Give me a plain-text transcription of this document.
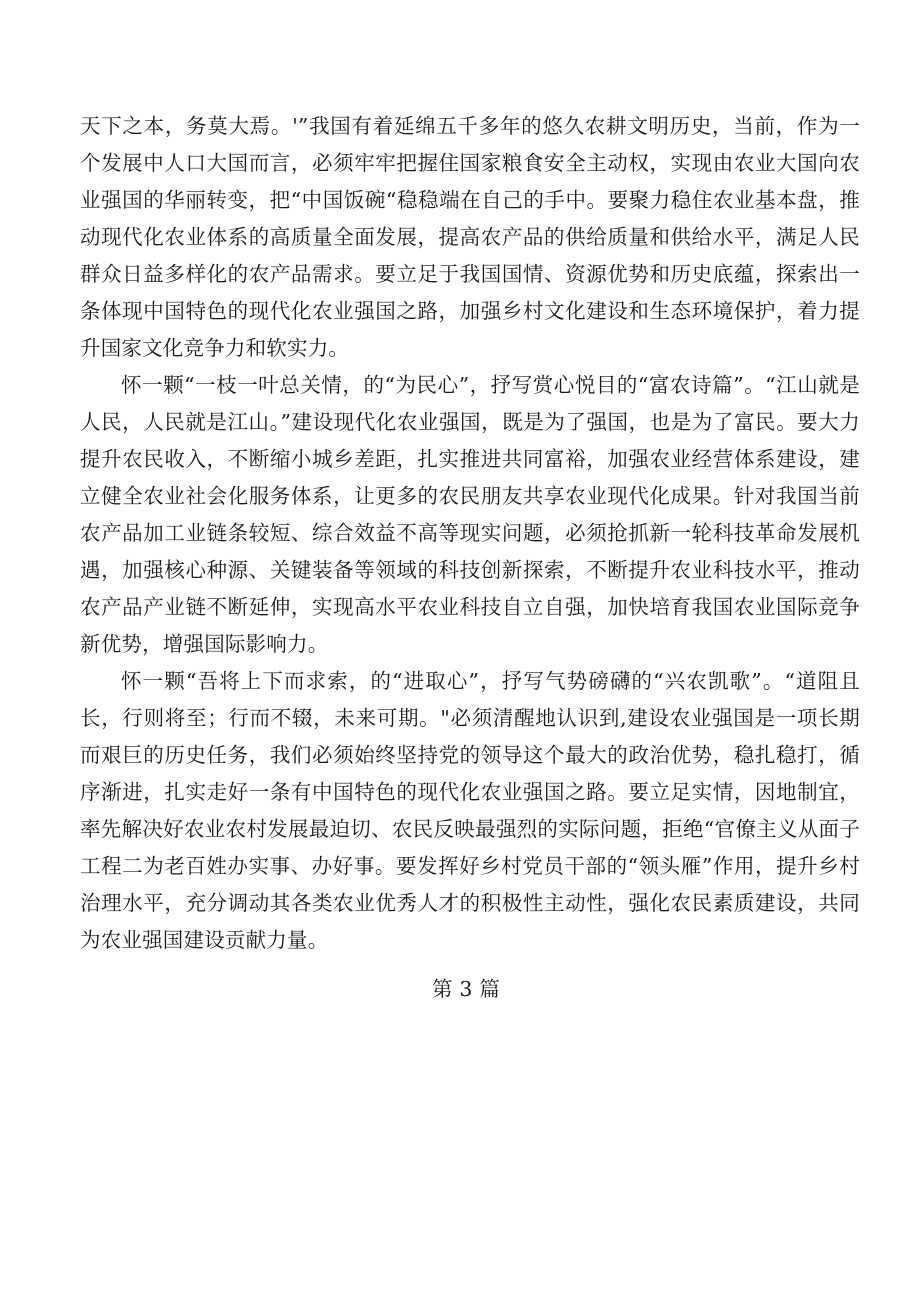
天下之本，务莫大焉。'”我国有着延绵五千多年的悠久农耕文明历史，当前，作为一个发展中人口大国而言，必须牢牢把握住国家粮食安全主动权，实现由农业大国向农业强国的华丽转变，把“中国饭碗“稳稳端在自己的手中。要聚力稳住农业基本盘，推动现代化农业体系的高质量全面发展，提高农产品的供给质量和供给水平，满足人民群众日益多样化的农产品需求。要立足于我国国情、资源优势和历史底蕴，探索出一条体现中国特色的现代化农业强国之路，加强乡村文化建设和生态环境保护，着力提升国家文化竞争力和软实力。

怀一颗“一枝一叶总关情，的“为民心”，抒写赏心悦目的“富农诗篇”。“江山就是人民，人民就是江山。”建设现代化农业强国，既是为了强国，也是为了富民。要大力提升农民收入，不断缩小城乡差距，扎实推进共同富裕，加强农业经营体系建设，建立健全农业社会化服务体系，让更多的农民朋友共享农业现代化成果。针对我国当前农产品加工业链条较短、综合效益不高等现实问题，必须抢抓新一轮科技革命发展机遇，加强核心种源、关键装备等领域的科技创新探索，不断提升农业科技水平，推动农产品产业链不断延伸，实现高水平农业科技自立自强，加快培育我国农业国际竞争新优势，增强国际影响力。

怀一颗“吾将上下而求索，的“进取心”，抒写气势磅礴的“兴农凯歌”。“道阻且长，行则将至；行而不辍，未来可期。"必须清醒地认识到,建设农业强国是一项长期而艰巨的历史任务，我们必须始终坚持党的领导这个最大的政治优势，稳扎稳打，循序渐进，扎实走好一条有中国特色的现代化农业强国之路。要立足实情，因地制宜，率先解决好农业农村发展最迫切、农民反映最强烈的实际问题，拒绝“官僚主义从面子工程二为老百姓办实事、办好事。要发挥好乡村党员干部的“领头雁”作用，提升乡村治理水平，充分调动其各类农业优秀人才的积极性主动性，强化农民素质建设，共同为农业强国建设贡献力量。

第 3 篇
